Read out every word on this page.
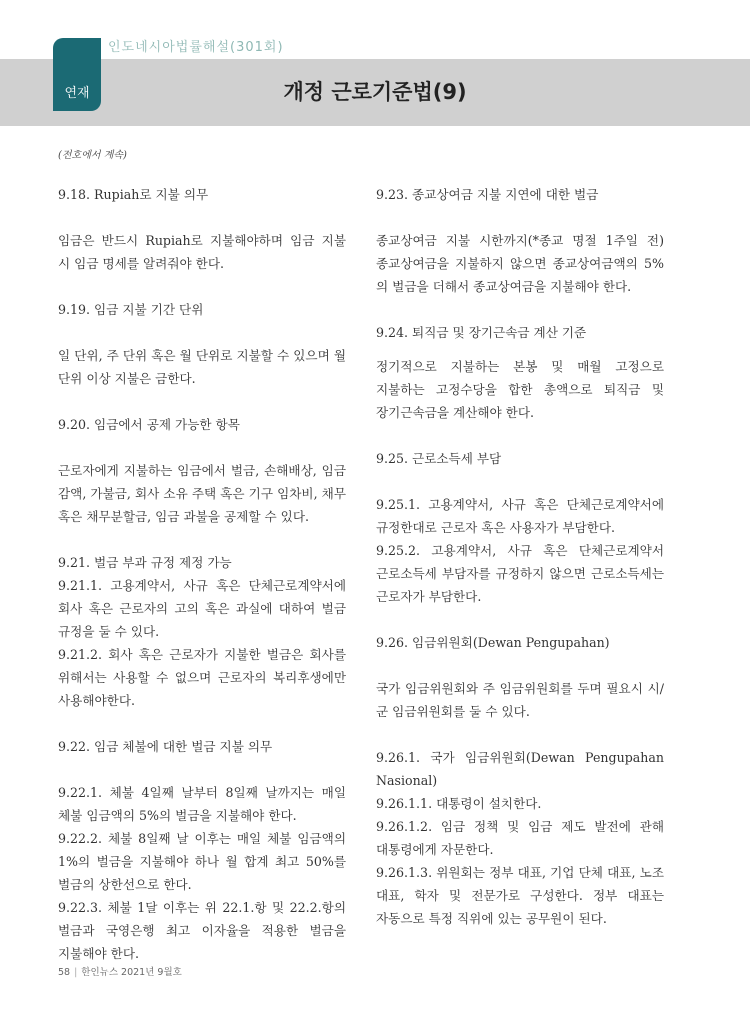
인도네시아법률해설(301회)
개정 근로기준법(9)
연재
(전호에서 계속)

9.18. Rupiah로 지불 의무

임금은 반드시 Rupiah로 지불해야하며 임금 지불 시 임금 명세를 알려줘야 한다.

9.19. 임금 지불 기간 단위

일 단위, 주 단위 혹은 월 단위로 지불할 수 있으며 월 단위 이상 지불은 금한다.

9.20. 임금에서 공제 가능한 항목

근로자에게 지불하는 임금에서 벌금, 손해배상, 임금 감액, 가불금, 회사 소유 주택 혹은 기구 임차비, 채무 혹은 채무분할금, 임금 과불을 공제할 수 있다.

9.21. 벌금 부과 규정 제정 가능

9.21.1. 고용계약서, 사규 혹은 단체근로계약서에 회사 혹은 근로자의 고의 혹은 과실에 대하여 벌금 규정을 둘 수 있다.

9.21.2. 회사 혹은 근로자가 지불한 벌금은 회사를 위해서는 사용할 수 없으며 근로자의 복리후생에만 사용해야한다.

9.22. 임금 체불에 대한 벌금 지불 의무

9.22.1. 체불 4일째 날부터 8일째 날까지는 매일 체불 임금액의 5%의 벌금을 지불해야 한다.

9.22.2. 체불 8일째 날 이후는 매일 체불 임금액의 1%의 벌금을 지불해야 하나 월 합계 최고 50%를 벌금의 상한선으로 한다.

9.22.3. 체불 1달 이후는 위 22.1.항 및 22.2.항의 벌금과 국영은행 최고 이자율을 적용한 벌금을 지불해야 한다.

9.23. 종교상여금 지불 지연에 대한 벌금

종교상여금 지불 시한까지(*종교 명절 1주일 전) 종교상여금을 지불하지 않으면 종교상여금액의 5%의 벌금을 더해서 종교상여금을 지불해야 한다.

9.24. 퇴직금 및 장기근속금 계산 기준

정기적으로 지불하는 본봉 및 매월 고정으로 지불하는 고정수당을 합한 총액으로 퇴직금 및 장기근속금을 계산해야 한다.

9.25. 근로소득세 부담

9.25.1. 고용계약서, 사규 혹은 단체근로계약서에 규정한대로 근로자 혹은 사용자가 부담한다.

9.25.2. 고용계약서, 사규 혹은 단체근로계약서 근로소득세 부담자를 규정하지 않으면 근로소득세는 근로자가 부담한다.

9.26. 임금위원회(Dewan Pengupahan)

국가 임금위원회와 주 임금위원회를 두며 필요시 시/군 임금위원회를 둘 수 있다.

9.26.1. 국가 임금위원회(Dewan Pengupahan Nasional)

9.26.1.1. 대통령이 설치한다.

9.26.1.2. 임금 정책 및 임금 제도 발전에 관해 대통령에게 자문한다.

9.26.1.3. 위원회는 정부 대표, 기업 단체 대표, 노조 대표, 학자 및 전문가로 구성한다. 정부 대표는 자동으로 특정 직위에 있는 공무원이 된다.

58 | 한인뉴스 2021년 9월호
